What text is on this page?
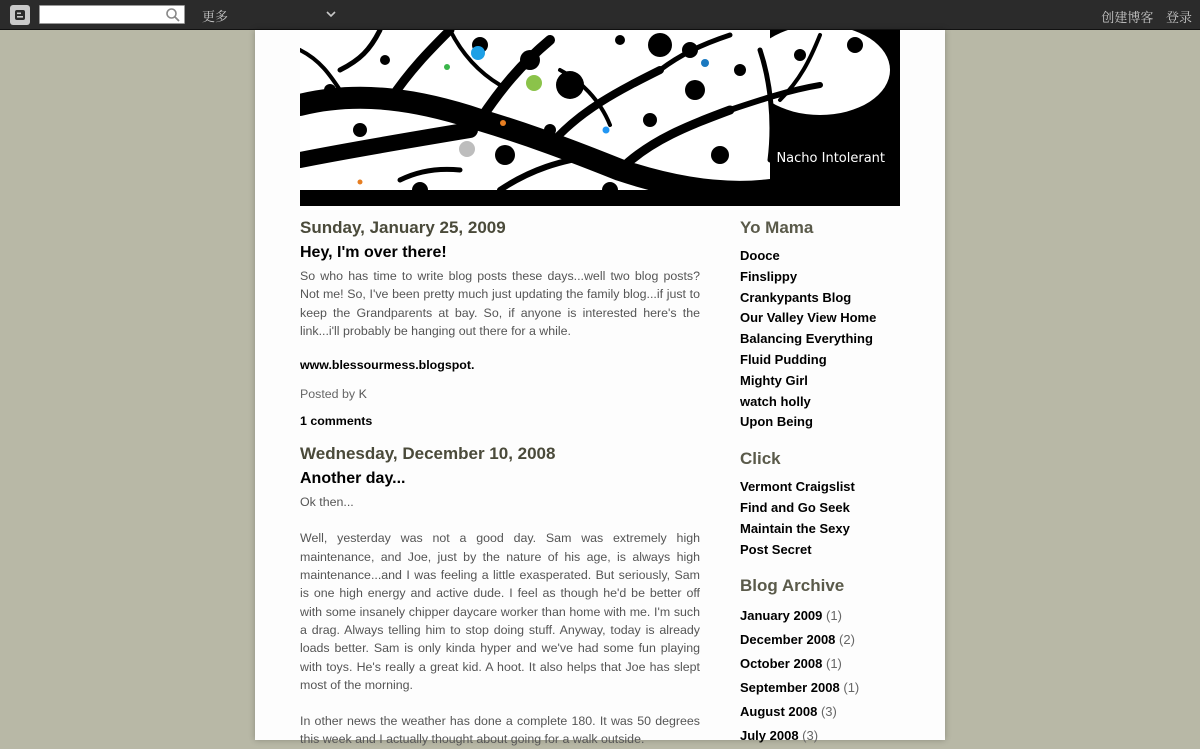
更多	创建博客 登录
Nacho Intolerant
Sunday, January 25, 2009
Hey, I'm over there!

So who has time to write blog posts these days...well two blog posts? Not me! So, I've been pretty much just updating the family blog...if just to keep the Grandparents at bay. So, if anyone is interested here's the link...i'll probably be hanging out there for a while.

www.blessourmess.blogspot.
Posted by K
1 comments
Wednesday, December 10, 2008
Another day...

Ok then...

Well, yesterday was not a good day. Sam was extremely high maintenance, and Joe, just by the nature of his age, is always high maintenance...and I was feeling a little exasperated. But seriously, Sam is one high energy and active dude. I feel as though he'd be better off with some insanely chipper daycare worker than home with me. I'm such a drag. Always telling him to stop doing stuff. Anyway, today is already loads better. Sam is only kinda hyper and we've had some fun playing with toys. He's really a great kid. A hoot. It also helps that Joe has slept most of the morning.

In other news the weather has done a complete 180. It was 50 degrees this week and I actually thought about going for a walk outside.

Yo Mama
Dooce
Finslippy
Crankypants Blog
Our Valley View Home
Balancing Everything
Fluid Pudding
Mighty Girl
watch holly
Upon Being
Click
Vermont Craigslist
Find and Go Seek
Maintain the Sexy
Post Secret
Blog Archive
January 2009 (1)
December 2008 (2)
October 2008 (1)
September 2008 (1)
August 2008 (3)
July 2008 (3)
